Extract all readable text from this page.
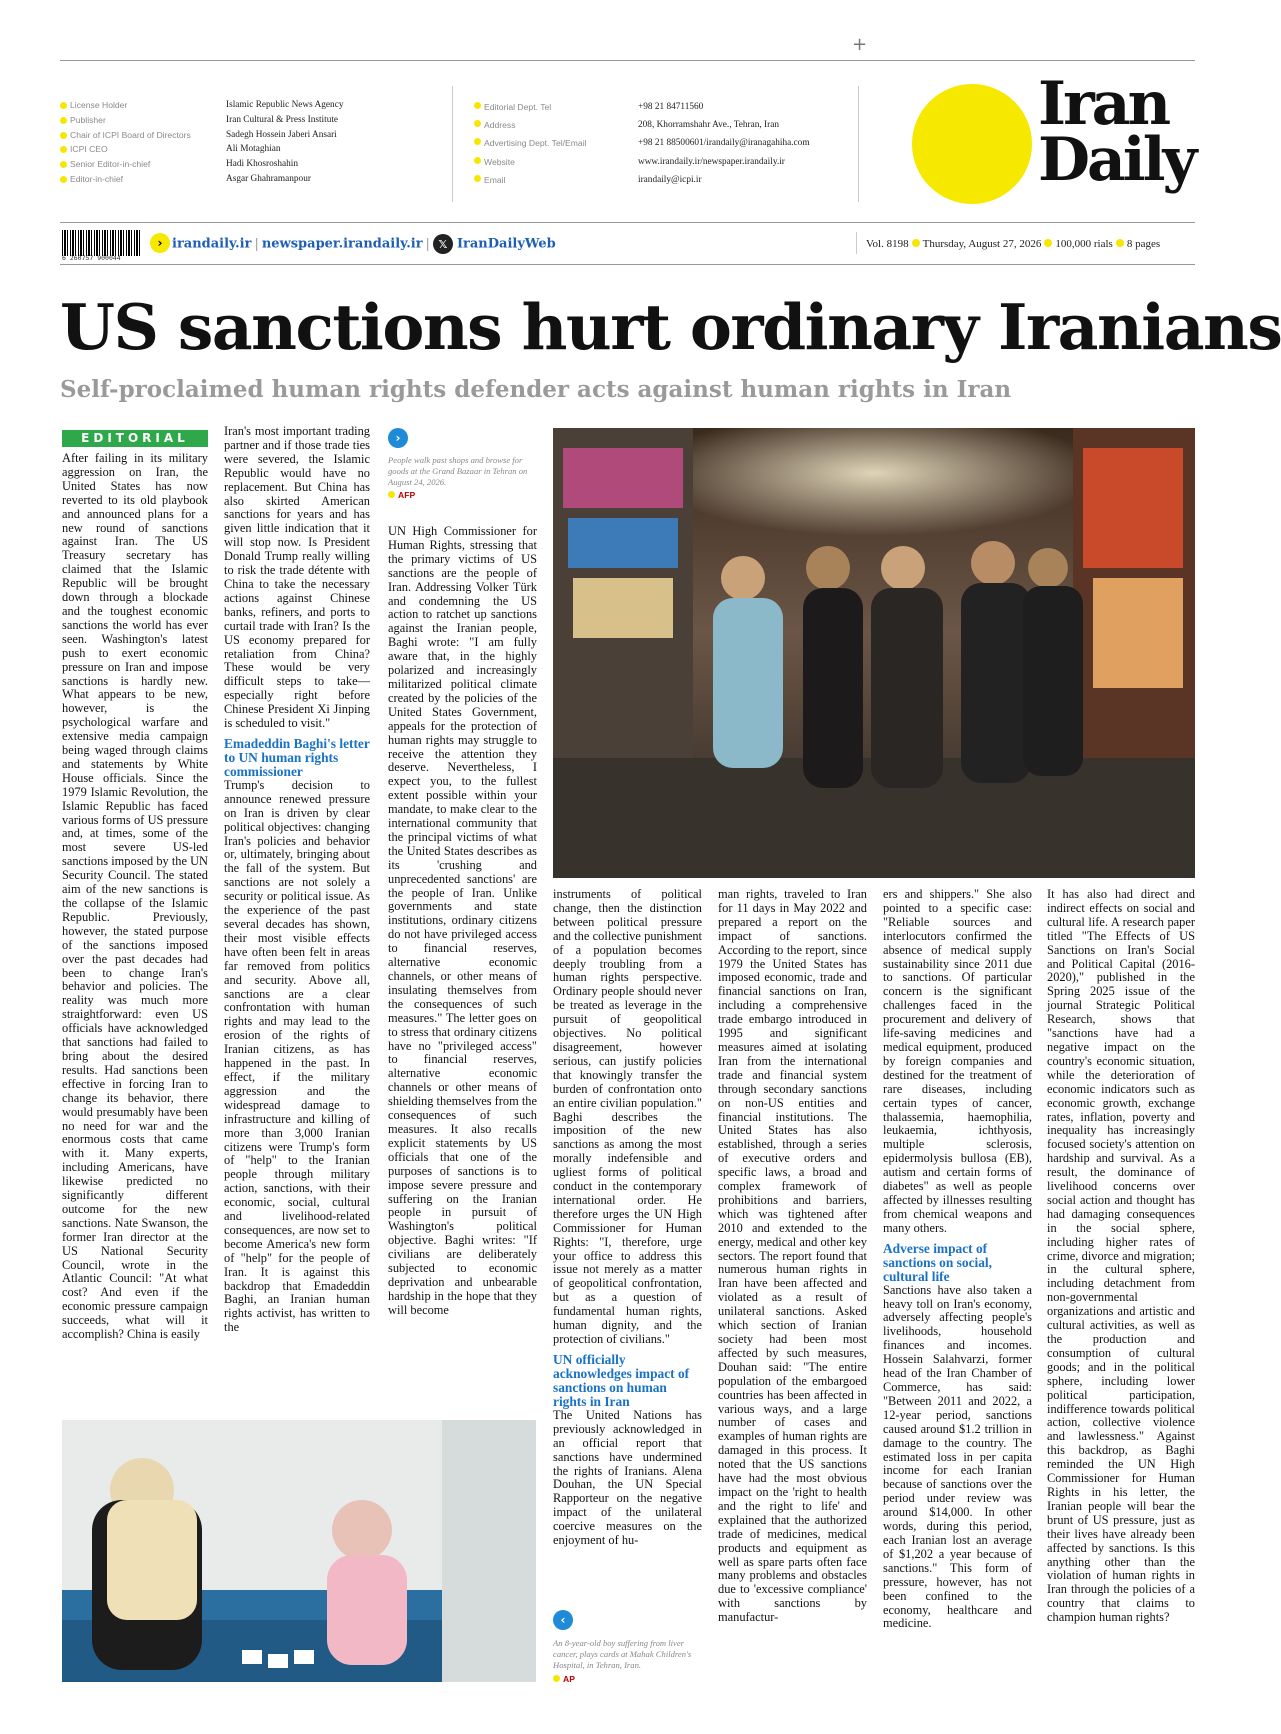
+
License Holder
Publisher
Chair of ICPI Board of Directors
ICPI CEO
Senior Editor-in-chief
Editor-in-chief
Islamic Republic News Agency
Iran Cultural & Press Institute
Sadegh Hossein Jaberi Ansari
Ali Motaghian
Hadi Khosroshahin
Asgar Ghahramanpour
Editorial Dept. Tel
Address
Advertising Dept. Tel/Email
Website
Email
+98 21 84711560
208, Khorramshahr Ave., Tehran, Iran
+98 21 88500601/irandaily@iranagahiha.com
www.irandaily.ir/newspaper.irandaily.ir
irandaily@icpi.ir
Iran
Daily
6 260757 900044
› irandaily.ir | newspaper.irandaily.ir | 𝕏 IranDailyWeb	Vol. 8198 Thursday, August 27, 2026 100,000 rials 8 pages
US sanctions hurt ordinary Iranians
Self-proclaimed human rights defender acts against human rights in Iran
EDITORIAL

After failing in its military aggression on Iran, the United States has now reverted to its old playbook and announced plans for a new round of sanctions against Iran. The US Treasury secretary has claimed that the Islamic Republic will be brought down through a blockade and the toughest economic sanctions the world has ever seen. Washington's latest push to exert economic pressure on Iran and impose sanctions is hardly new. What appears to be new, however, is the psychological warfare and extensive media campaign being waged through claims and statements by White House officials. Since the 1979 Islamic Revolution, the Islamic Republic has faced various forms of US pressure and, at times, some of the most severe US-led sanctions imposed by the UN Security Council. The stated aim of the new sanctions is the collapse of the Islamic Republic. Previously, however, the stated purpose of the sanctions imposed over the past decades had been to change Iran's behavior and policies. The reality was much more straightforward: even US officials have acknowledged that sanctions had failed to bring about the desired results. Had sanctions been effective in forcing Iran to change its behavior, there would presumably have been no need for war and the enormous costs that came with it. Many experts, including Americans, have likewise predicted no significantly different outcome for the new sanctions. Nate Swanson, the former Iran director at the US National Security Council, wrote in the Atlantic Council: "At what cost? And even if the economic pressure campaign succeeds, what will it accomplish? China is easily

Iran's most important trading partner and if those trade ties were severed, the Islamic Republic would have no replacement. But China has also skirted American sanctions for years and has given little indication that it will stop now. Is President Donald Trump really willing to risk the trade détente with China to take the necessary actions against Chinese banks, refiners, and ports to curtail trade with Iran? Is the US economy prepared for retaliation from China? These would be very difficult steps to take—especially right before Chinese President Xi Jinping is scheduled to visit."

Emadeddin Baghi's letter to UN human rights commissioner

Trump's decision to announce renewed pressure on Iran is driven by clear political objectives: changing Iran's policies and behavior or, ultimately, bringing about the fall of the system. But sanctions are not solely a security or political issue. As the experience of the past several decades has shown, their most visible effects have often been felt in areas far removed from politics and security. Above all, sanctions are a clear confrontation with human rights and may lead to the erosion of the rights of Iranian citizens, as has happened in the past. In effect, if the military aggression and the widespread damage to infrastructure and killing of more than 3,000 Iranian citizens were Trump's form of "help" to the Iranian people through military action, sanctions, with their economic, social, cultural and livelihood-related consequences, are now set to become America's new form of "help" for the people of Iran. It is against this backdrop that Emadeddin Baghi, an Iranian human rights activist, has written to the

›
People walk past shops and browse for goods at the Grand Bazaar in Tehran on August 24, 2026.
AFP

UN High Commissioner for Human Rights, stressing that the primary victims of US sanctions are the people of Iran. Addressing Volker Türk and condemning the US action to ratchet up sanctions against the Iranian people, Baghi wrote: "I am fully aware that, in the highly polarized and increasingly militarized political climate created by the policies of the United States Government, appeals for the protection of human rights may struggle to receive the attention they deserve. Nevertheless, I expect you, to the fullest extent possible within your mandate, to make clear to the international community that the principal victims of what the United States describes as its 'crushing and unprecedented sanctions' are the people of Iran. Unlike governments and state institutions, ordinary citizens do not have privileged access to financial reserves, alternative economic channels, or other means of insulating themselves from the consequences of such measures." The letter goes on to stress that ordinary citizens have no "privileged access" to financial reserves, alternative economic channels or other means of shielding themselves from the consequences of such measures. It also recalls explicit statements by US officials that one of the purposes of sanctions is to impose severe pressure and suffering on the Iranian people in pursuit of Washington's political objective. Baghi writes: "If civilians are deliberately subjected to economic deprivation and unbearable hardship in the hope that they will become

instruments of political change, then the distinction between political pressure and the collective punishment of a population becomes deeply troubling from a human rights perspective. Ordinary people should never be treated as leverage in the pursuit of geopolitical objectives. No political disagreement, however serious, can justify policies that knowingly transfer the burden of confrontation onto an entire civilian population." Baghi describes the imposition of the new sanctions as among the most morally indefensible and ugliest forms of political conduct in the contemporary international order. He therefore urges the UN High Commissioner for Human Rights: "I, therefore, urge your office to address this issue not merely as a matter of geopolitical confrontation, but as a question of fundamental human rights, human dignity, and the protection of civilians."

UN officially acknowledges impact of sanctions on human rights in Iran

The United Nations has previously acknowledged in an official report that sanctions have undermined the rights of Iranians. Alena Douhan, the UN Special Rapporteur on the negative impact of the unilateral coercive measures on the enjoyment of hu-

‹
An 8-year-old boy suffering from liver cancer, plays cards at Mahak Children's Hospital, in Tehran, Iran.
AP

man rights, traveled to Iran for 11 days in May 2022 and prepared a report on the impact of sanctions. According to the report, since 1979 the United States has imposed economic, trade and financial sanctions on Iran, including a comprehensive trade embargo introduced in 1995 and significant measures aimed at isolating Iran from the international trade and financial system through secondary sanctions on non-US entities and financial institutions. The United States has also established, through a series of executive orders and specific laws, a broad and complex framework of prohibitions and barriers, which was tightened after 2010 and extended to the energy, medical and other key sectors. The report found that numerous human rights in Iran have been affected and violated as a result of unilateral sanctions. Asked which section of Iranian society had been most affected by such measures, Douhan said: "The entire population of the embargoed countries has been affected in various ways, and a large number of cases and examples of human rights are damaged in this process. It noted that the US sanctions have had the most obvious impact on the 'right to health and the right to life' and explained that the authorized trade of medicines, medical products and equipment as well as spare parts often face many problems and obstacles due to 'excessive compliance' with sanctions by manufactur-

ers and shippers." She also pointed to a specific case: "Reliable sources and interlocutors confirmed the absence of medical supply sustainability since 2011 due to sanctions. Of particular concern is the significant challenges faced in the procurement and delivery of life-saving medicines and medical equipment, produced by foreign companies and destined for the treatment of rare diseases, including certain types of cancer, thalassemia, haemophilia, leukaemia, ichthyosis, multiple sclerosis, epidermolysis bullosa (EB), autism and certain forms of diabetes" as well as people affected by illnesses resulting from chemical weapons and many others.

Adverse impact of sanctions on social, cultural life

Sanctions have also taken a heavy toll on Iran's economy, adversely affecting people's livelihoods, household finances and incomes. Hossein Salahvarzi, former head of the Iran Chamber of Commerce, has said: "Between 2011 and 2022, a 12-year period, sanctions caused around $1.2 trillion in damage to the country. The estimated loss in per capita income for each Iranian because of sanctions over the period under review was around $14,000. In other words, during this period, each Iranian lost an average of $1,202 a year because of sanctions." This form of pressure, however, has not been confined to the economy, healthcare and medicine.

It has also had direct and indirect effects on social and cultural life. A research paper titled "The Effects of US Sanctions on Iran's Social and Political Capital (2016-2020)," published in the Spring 2025 issue of the journal Strategic Political Research, shows that "sanctions have had a negative impact on the country's economic situation, while the deterioration of economic indicators such as economic growth, exchange rates, inflation, poverty and inequality has increasingly focused society's attention on hardship and survival. As a result, the dominance of livelihood concerns over social action and thought has had damaging consequences in the social sphere, including higher rates of crime, divorce and migration; in the cultural sphere, including detachment from non-governmental organizations and artistic and cultural activities, as well as the production and consumption of cultural goods; and in the political sphere, including lower political participation, indifference towards political action, collective violence and lawlessness." Against this backdrop, as Baghi reminded the UN High Commissioner for Human Rights in his letter, the Iranian people will bear the brunt of US pressure, just as their lives have already been affected by sanctions. Is this anything other than the violation of human rights in Iran through the policies of a country that claims to champion human rights?
